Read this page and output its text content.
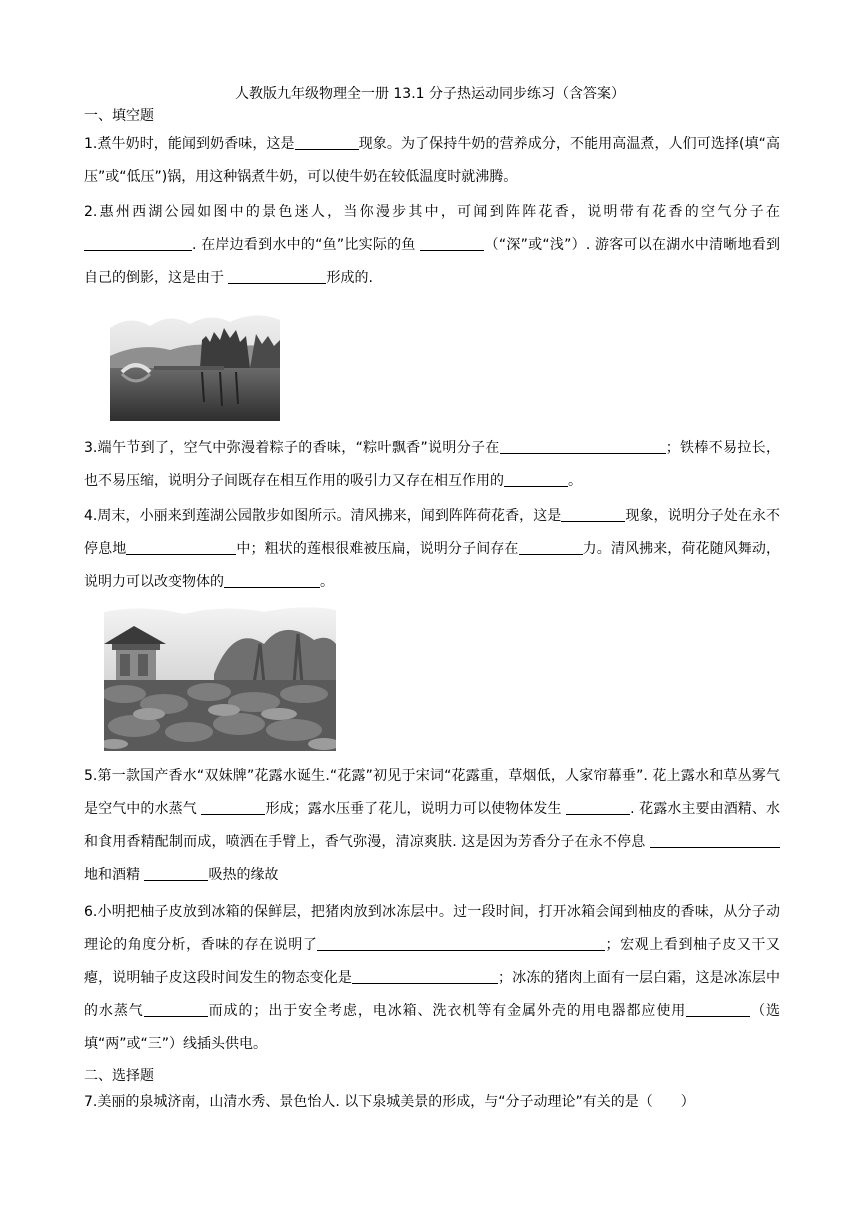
人教版九年级物理全一册 13.1 分子热运动同步练习（含答案）
一、填空题
1.煮牛奶时，能闻到奶香味，这是	现象。为了保持牛奶的营养成分，不能用高温煮，人们可选择(填“高压”或“低压”)锅，用这种锅煮牛奶，可以使牛奶在较低温度时就沸腾。
2.惠州西湖公园如图中的景色迷人，当你漫步其中，可闻到阵阵花香，说明带有花香的空气分子在 . 在岸边看到水中的“鱼”比实际的鱼	（“深”或“浅”）. 游客可以在湖水中清晰地看到自己的倒影，这是由于	形成的.
3.端午节到了，空气中弥漫着粽子的香味，“粽叶飘香”说明分子在	；铁棒不易拉长，也不易压缩，说明分子间既存在相互作用的吸引力又存在相互作用的	。
4.周末，小丽来到莲湖公园散步如图所示。清风拂来，闻到阵阵荷花香，这是	现象，说明分子处在永不停息地	中；粗状的莲根很难被压扁，说明分子间存在	力。清风拂来，荷花随风舞动，说明力可以改变物体的	。
5.第一款国产香水“双妹牌”花露水诞生.“花露”初见于宋词“花露重，草烟低，人家帘幕垂”. 花上露水和草丛雾气是空气中的水蒸气	形成；露水压垂了花儿，说明力可以使物体发生	. 花露水主要由酒精、水和食用香精配制而成，喷洒在手臂上，香气弥漫，清凉爽肤. 这是因为芳香分子在永不停息 地和酒精	吸热的缘故
6.小明把柚子皮放到冰箱的保鲜层，把猪肉放到冰冻层中。过一段时间，打开冰箱会闻到柚皮的香味，从分子动理论的角度分析，香味的存在说明了	；宏观上看到柚子皮又干又瘪，说明轴子皮这段时间发生的物态变化是	；冰冻的猪肉上面有一层白霜，这是冰冻层中的水蒸气	而成的；出于安全考虑，电冰箱、洗衣机等有金属外壳的用电器都应使用	（选填“两”或“三”）线插头供电。
二、选择题
7.美丽的泉城济南，山清水秀、景色怡人. 以下泉城美景的形成，与“分子动理论”有关的是（　　）
